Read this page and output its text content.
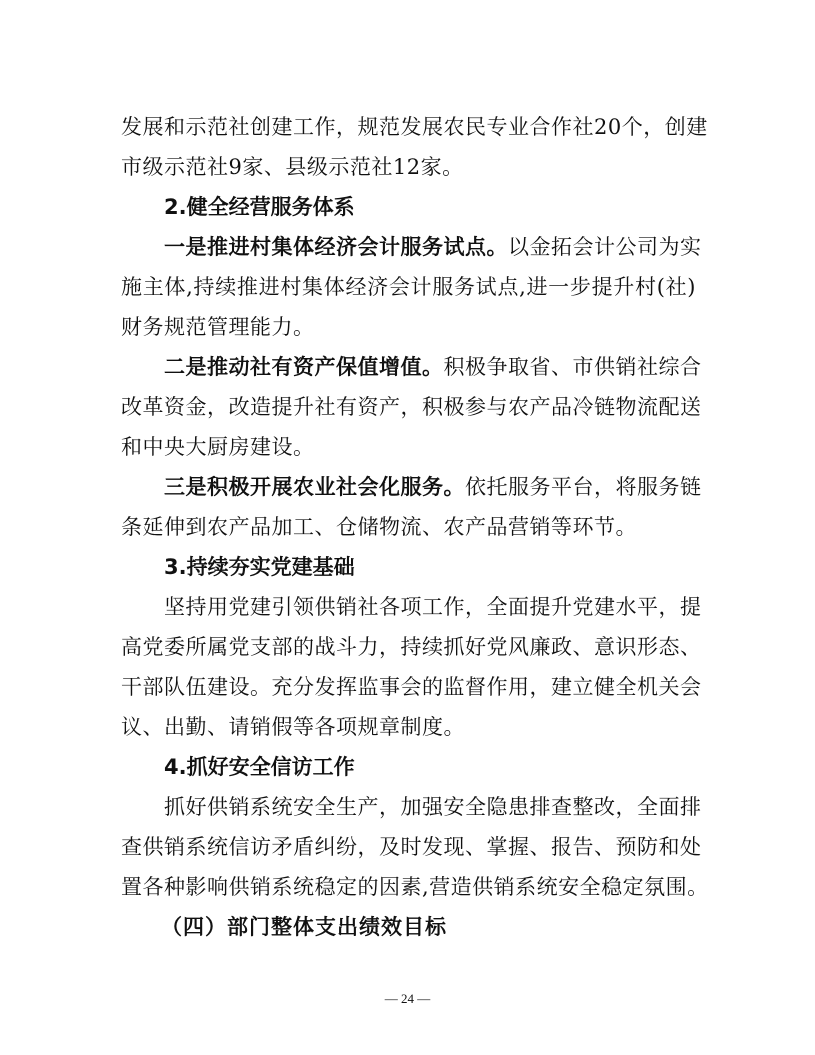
发展和示范社创建工作，规范发展农民专业合作社20个，创建
市级示范社9家、县级示范社12家。
2.健全经营服务体系
一是推进村集体经济会计服务试点。以金拓会计公司为实
施主体,持续推进村集体经济会计服务试点,进一步提升村(社)
财务规范管理能力。
二是推动社有资产保值增值。积极争取省、市供销社综合
改革资金，改造提升社有资产，积极参与农产品冷链物流配送
和中央大厨房建设。
三是积极开展农业社会化服务。依托服务平台，将服务链
条延伸到农产品加工、仓储物流、农产品营销等环节。
3.持续夯实党建基础
坚持用党建引领供销社各项工作，全面提升党建水平，提
高党委所属党支部的战斗力，持续抓好党风廉政、意识形态、
干部队伍建设。充分发挥监事会的监督作用，建立健全机关会
议、出勤、请销假等各项规章制度。
4.抓好安全信访工作
抓好供销系统安全生产，加强安全隐患排查整改，全面排
查供销系统信访矛盾纠纷，及时发现、掌握、报告、预防和处
置各种影响供销系统稳定的因素,营造供销系统安全稳定氛围。
（四）部门整体支出绩效目标
— 24 —
